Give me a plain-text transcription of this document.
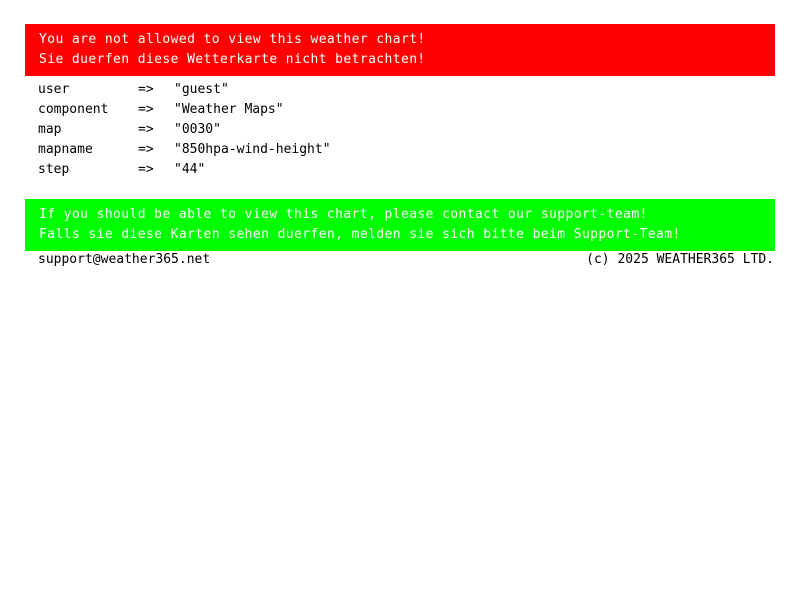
You are not allowed to view this weather chart!
Sie duerfen diese Wetterkarte nicht betrachten!
user	=>	"guest"
component	=>	"Weather Maps"
map	=>	"0030"
mapname	=>	"850hpa-wind-height"
step	=>	"44"
If you should be able to view this chart, please contact our support-team!
Falls sie diese Karten sehen duerfen, melden sie sich bitte beim Support-Team!
support@weather365.net	(c) 2025 WEATHER365 LTD.
